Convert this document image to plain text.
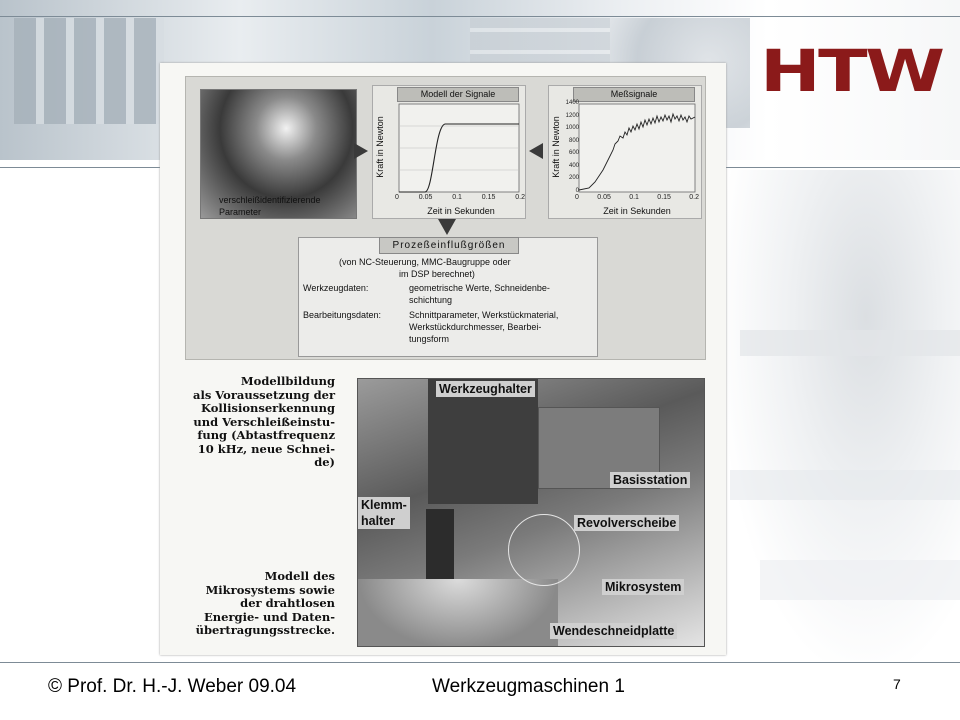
HTW
verschleißidentifizierende
Parameter
Modell der Signale
Kraft in Newton
0	0.05	0.1	0.15	0.2
Zeit in Sekunden
Meßsignale
Kraft in Newton
0
200
400
600
800
1000
1200
1400
0	0.05	0.1	0.15	0.2
Zeit in Sekunden
Prozeßeinflußgrößen
(von NC-Steuerung, MMC-Baugruppe oder
im DSP berechnet)
Werkzeugdaten:	geometrische Werte, Schneidenbe-
schichtung
Bearbeitungsdaten:	Schnittparameter, Werkstückmaterial,
Werkstückdurchmesser, Bearbei-
tungsform
Modellbildung
als Voraussetzung der
Kollisionserkennung
und Verschleißeinstu-
fung (Abtastfrequenz
10 kHz, neue Schnei-
de)
Modell des
Mikrosystems sowie
der drahtlosen
Energie- und Daten-
übertragungsstrecke.
Werkzeughalter
Basisstation
Klemm-
halter	Revolverscheibe
Mikrosystem
Wendeschneidplatte
© Prof. Dr. H.-J. Weber 09.04	Werkzeugmaschinen 1	7
